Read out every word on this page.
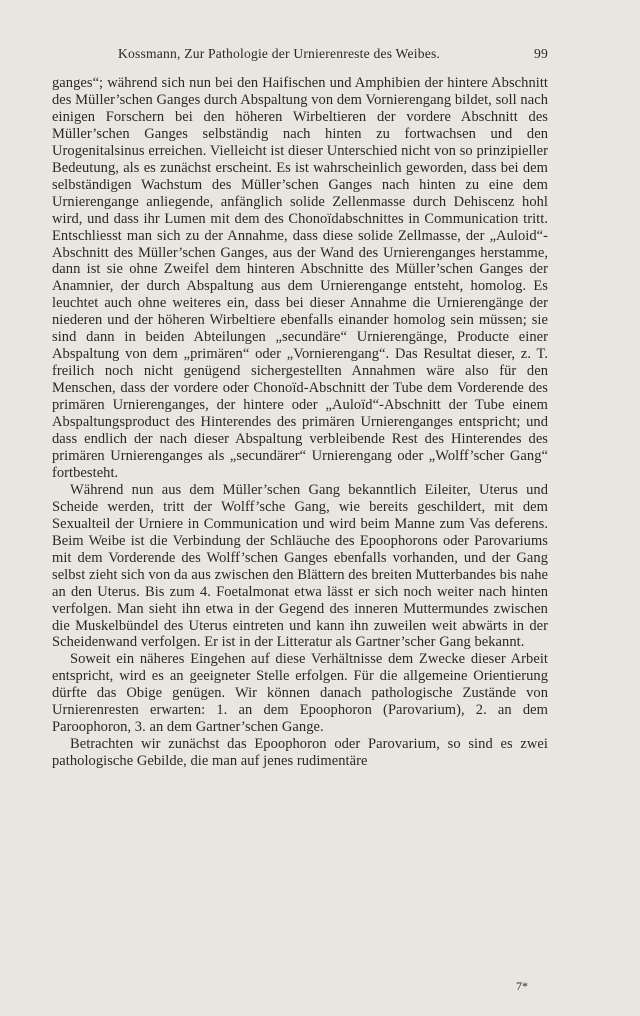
Kossmann, Zur Pathologie der Urnierenreste des Weibes.	99

ganges“; während sich nun bei den Haifischen und Amphibien der hintere Abschnitt des Müller’schen Ganges durch Abspaltung von dem Vornierengang bildet, soll nach einigen Forschern bei den höheren Wirbeltieren der vordere Abschnitt des Müller’schen Ganges selbständig nach hinten zu fortwachsen und den Urogenitalsinus erreichen. Vielleicht ist dieser Unterschied nicht von so prinzipieller Bedeutung, als es zunächst erscheint. Es ist wahrscheinlich geworden, dass bei dem selbständigen Wachstum des Müller’schen Ganges nach hinten zu eine dem Urnierengange anliegende, anfänglich solide Zellenmasse durch Dehiscenz hohl wird, und dass ihr Lumen mit dem des Chonoïdabschnittes in Communication tritt. Entschliesst man sich zu der Annahme, dass diese solide Zellmasse, der „Auloid“-Abschnitt des Müller’schen Ganges, aus der Wand des Urnierenganges herstamme, dann ist sie ohne Zweifel dem hinteren Abschnitte des Müller’schen Ganges der Anamnier, der durch Abspaltung aus dem Urnierengange entsteht, homolog. Es leuchtet auch ohne weiteres ein, dass bei dieser Annahme die Urnierengänge der niederen und der höheren Wirbeltiere ebenfalls einander homolog sein müssen; sie sind dann in beiden Abteilungen „secundäre“ Urnierengänge, Producte einer Abspaltung von dem „primären“ oder „Vornierengang“. Das Resultat dieser, z. T. freilich noch nicht genügend sichergestellten Annahmen wäre also für den Menschen, dass der vordere oder Chonoïd-Abschnitt der Tube dem Vorderende des primären Urnierenganges, der hintere oder „Auloïd“-Abschnitt der Tube einem Abspaltungsproduct des Hinterendes des primären Urnierenganges entspricht; und dass endlich der nach dieser Abspaltung verbleibende Rest des Hinterendes des primären Urnierenganges als „secundärer“ Urnierengang oder „Wolff’scher Gang“ fortbesteht.

Während nun aus dem Müller’schen Gang bekanntlich Eileiter, Uterus und Scheide werden, tritt der Wolff’sche Gang, wie bereits geschildert, mit dem Sexualteil der Urniere in Communication und wird beim Manne zum Vas deferens. Beim Weibe ist die Verbindung der Schläuche des Epoophorons oder Parovariums mit dem Vorderende des Wolff’schen Ganges ebenfalls vorhanden, und der Gang selbst zieht sich von da aus zwischen den Blättern des breiten Mutterbandes bis nahe an den Uterus. Bis zum 4. Foetalmonat etwa lässt er sich noch weiter nach hinten verfolgen. Man sieht ihn etwa in der Gegend des inneren Muttermundes zwischen die Muskelbündel des Uterus eintreten und kann ihn zuweilen weit abwärts in der Scheidenwand verfolgen. Er ist in der Litteratur als Gartner’scher Gang bekannt.

Soweit ein näheres Eingehen auf diese Verhältnisse dem Zwecke dieser Arbeit entspricht, wird es an geeigneter Stelle erfolgen. Für die allgemeine Orientierung dürfte das Obige genügen. Wir können danach pathologische Zustände von Urnierenresten erwarten: 1. an dem Epoophoron (Parovarium), 2. an dem Paroophoron, 3. an dem Gartner’schen Gange.

Betrachten wir zunächst das Epoophoron oder Parovarium, so sind es zwei pathologische Gebilde, die man auf jenes rudimentäre

7*
